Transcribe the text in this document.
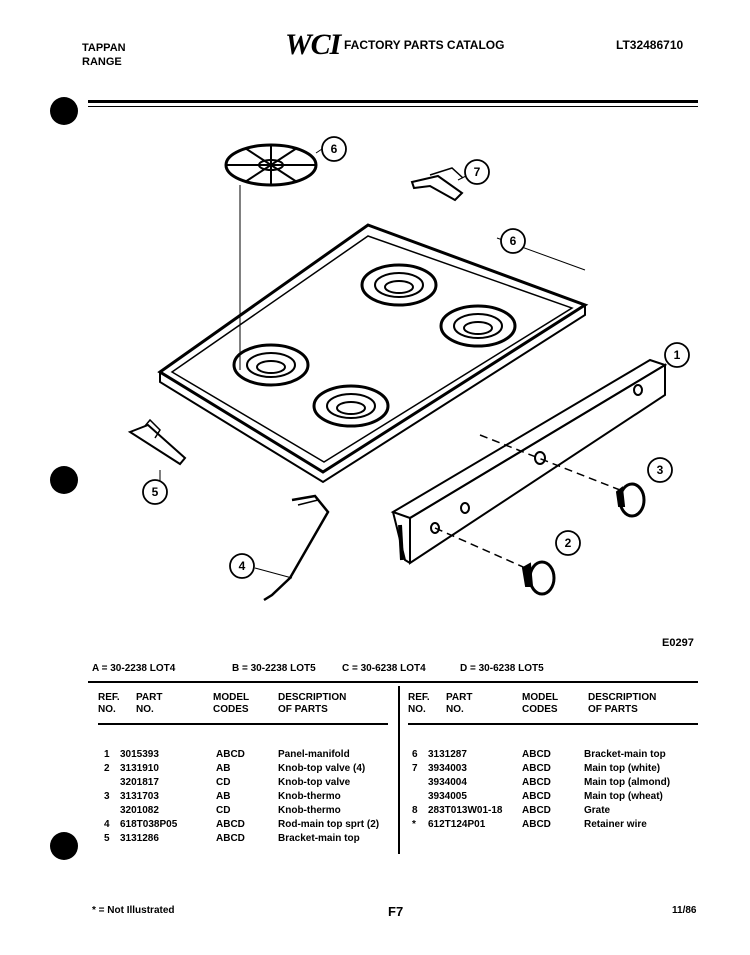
TAPPAN
RANGE
WCI FACTORY PARTS CATALOG	LT32486710
6
7
6
1
3
2
5
4
E0297
A = 30-2238 LOT4	B = 30-2238 LOT5	C = 30-6238 LOT4	D = 30-6238 LOT5
REF.
NO.
PART
NO.
MODEL
CODES
DESCRIPTION
OF PARTS
REF.
NO.
PART
NO.
MODEL
CODES
DESCRIPTION
OF PARTS
1 3015393	ABCD	Panel-manifold
2 3131910	AB	Knob-top valve (4)
3201817	CD	Knob-top valve
3 3131703	AB	Knob-thermo
3201082	CD	Knob-thermo
4 618T038P05	ABCD	Rod-main top sprt (2)
5 3131286	ABCD	Bracket-main top
6 3131287	ABCD	Bracket-main top
7 3934003	ABCD	Main top (white)
3934004	ABCD	Main top (almond)
3934005	ABCD	Main top (wheat)
8 283T013W01-18 ABCD	Grate
* 612T124P01	ABCD	Retainer wire
* = Not Illustrated	F7	11/86
